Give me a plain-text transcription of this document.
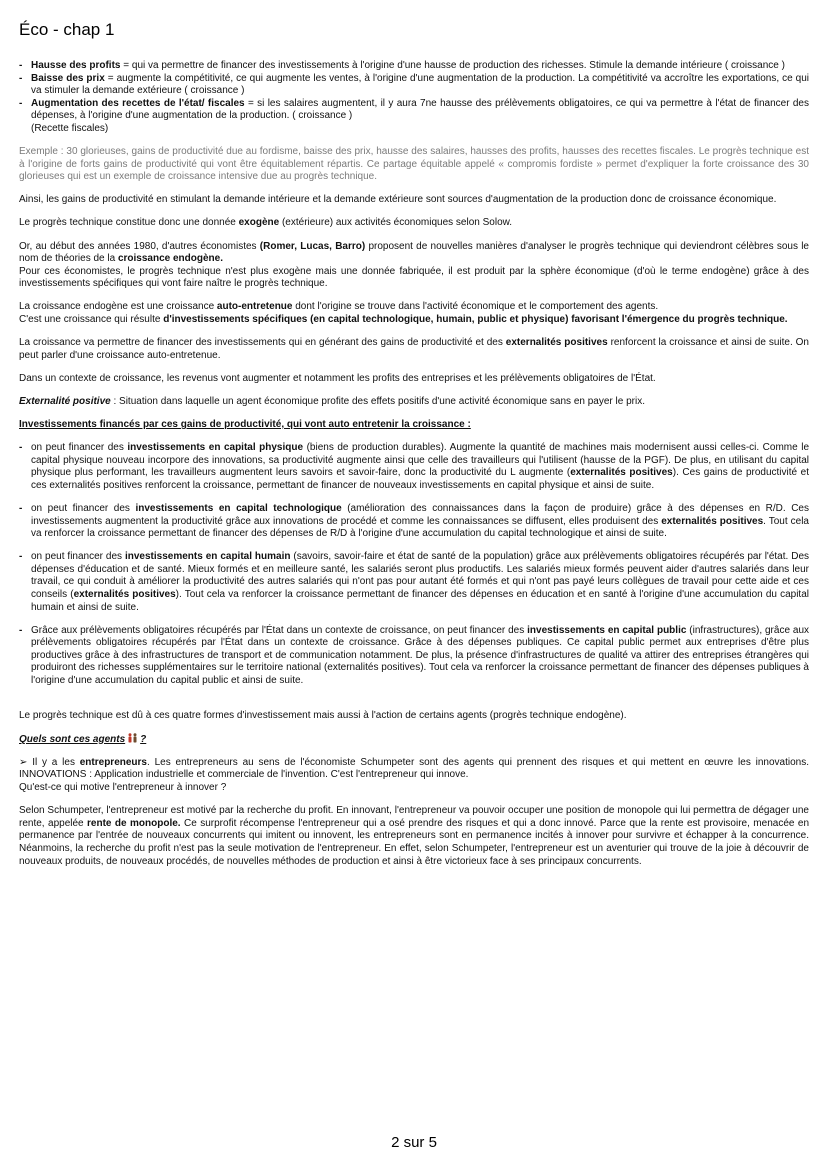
Éco - chap 1
- Hausse des profits = qui va permettre de financer des investissements à l'origine d'une hausse de production des richesses. Stimule la demande intérieure ( croissance )
- Baisse des prix = augmente la compétitivité, ce qui augmente les ventes, à l'origine d'une augmentation de la production. La compétitivité va accroître les exportations, ce qui va stimuler la demande extérieure ( croissance )
- Augmentation des recettes de l'état/ fiscales = si les salaires augmentent, il y aura 7ne hausse des prélèvements obligatoires, ce qui va permettre à l'état de financer des dépenses, à l'origine d'une augmentation de la production. ( croissance )
(Recette fiscales)

Exemple : 30 glorieuses, gains de productivité due au fordisme, baisse des prix, hausse des salaires, hausses des profits, hausses des recettes fiscales. Le progrès technique est à l'origine de forts gains de productivité qui vont être équitablement répartis. Ce partage équitable appelé « compromis fordiste » permet d'expliquer la forte croissance des 30 glorieuses qui est un exemple de croissance intensive due au progrès technique.

Ainsi, les gains de productivité en stimulant la demande intérieure et la demande extérieure sont sources d'augmentation de la production donc de croissance économique.

Le progrès technique constitue donc une donnée exogène (extérieure) aux activités économiques selon Solow.

Or, au début des années 1980, d'autres économistes (Romer, Lucas, Barro) proposent de nouvelles manières d'analyser le progrès technique qui deviendront célèbres sous le nom de théories de la croissance endogène.
Pour ces économistes, le progrès technique n'est plus exogène mais une donnée fabriquée, il est produit par la sphère économique (d'où le terme endogène) grâce à des investissements spécifiques qui vont faire naître le progrès technique.

La croissance endogène est une croissance auto-entretenue dont l'origine se trouve dans l'activité économique et le comportement des agents.
C'est une croissance qui résulte d'investissements spécifiques (en capital technologique, humain, public et physique) favorisant l'émergence du progrès technique.

La croissance va permettre de financer des investissements qui en générant des gains de productivité et des externalités positives renforcent la croissance et ainsi de suite. On peut parler d'une croissance auto-entretenue.

Dans un contexte de croissance, les revenus vont augmenter et notamment les profits des entreprises et les prélèvements obligatoires de l'État.

Externalité positive : Situation dans laquelle un agent économique profite des effets positifs d'une activité économique sans en payer le prix.

Investissements financés par ces gains de productivité, qui vont auto entretenir la croissance :

- on peut financer des investissements en capital physique (biens de production durables). Augmente la quantité de machines mais modernisent aussi celles-ci. Comme le capital physique nouveau incorpore des innovations, sa productivité augmente ainsi que celle des travailleurs qui l'utilisent (hausse de la PGF). De plus, en utilisant du capital physique plus performant, les travailleurs augmentent leurs savoirs et savoir-faire, donc la productivité du L augmente (externalités positives). Ces gains de productivité et ces externalités positives renforcent la croissance, permettant de financer de nouveaux investissements en capital physique et ainsi de suite.
- on peut financer des investissements en capital technologique (amélioration des connaissances dans la façon de produire) grâce à des dépenses en R/D. Ces investissements augmentent la productivité grâce aux innovations de procédé et comme les connaissances se diffusent, elles produisent des externalités positives. Tout cela va renforcer la croissance permettant de financer des dépenses de R/D à l'origine d'une accumulation du capital technologique et ainsi de suite.
- on peut financer des investissements en capital humain (savoirs, savoir-faire et état de santé de la population) grâce aux prélèvements obligatoires récupérés par l'état. Des dépenses d'éducation et de santé. Mieux formés et en meilleure santé, les salariés seront plus productifs. Les salariés mieux formés peuvent aider d'autres salariés dans leur travail, ce qui conduit à améliorer la productivité des autres salariés qui n'ont pas pour autant été formés et qui n'ont pas payé leurs collègues de travail pour cette aide et ces conseils (externalités positives). Tout cela va renforcer la croissance permettant de financer des dépenses en éducation et en santé à l'origine d'une accumulation du capital humain et ainsi de suite.
- Grâce aux prélèvements obligatoires récupérés par l'État dans un contexte de croissance, on peut financer des investissements en capital public (infrastructures), grâce aux prélèvements obligatoires récupérés par l'État dans un contexte de croissance. Grâce à des dépenses publiques. Ce capital public permet aux entreprises d'être plus productives grâce à des infrastructures de transport et de communication notamment. De plus, la présence d'infrastructures de qualité va attirer des entreprises étrangères qui produiront des richesses supplémentaires sur le territoire national (externalités positives). Tout cela va renforcer la croissance permettant de financer des dépenses publiques à l'origine d'une accumulation du capital public et ainsi de suite.

Le progrès technique est dû à ces quatre formes d'investissement mais aussi à l'action de certains agents (progrès technique endogène).

Quels sont ces agents ?

➢ Il y a les entrepreneurs. Les entrepreneurs au sens de l'économiste Schumpeter sont des agents qui prennent des risques et qui mettent en œuvre les innovations. INNOVATIONS : Application industrielle et commerciale de l'invention. C'est l'entrepreneur qui innove.
Qu'est-ce qui motive l'entrepreneur à innover ?

Selon Schumpeter, l'entrepreneur est motivé par la recherche du profit. En innovant, l'entrepreneur va pouvoir occuper une position de monopole qui lui permettra de dégager une rente, appelée rente de monopole. Ce surprofit récompense l'entrepreneur qui a osé prendre des risques et qui a donc innové. Parce que la rente est provisoire, menacée en permanence par l'entrée de nouveaux concurrents qui imitent ou innovent, les entrepreneurs sont en permanence incités à innover pour survivre et échapper à la concurrence. Néanmoins, la recherche du profit n'est pas la seule motivation de l'entrepreneur. En effet, selon Schumpeter, l'entrepreneur est un aventurier qui trouve de la joie à découvrir de nouveaux produits, de nouveaux procédés, de nouvelles méthodes de production et ainsi à être victorieux face à ses principaux concurrents.

2 sur 5
